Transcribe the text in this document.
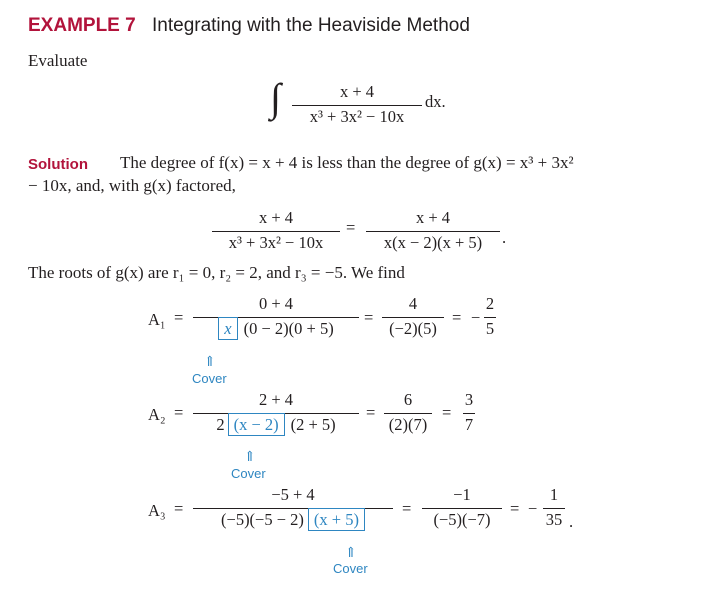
EXAMPLE 7 Integrating with the Heaviside Method
Evaluate
∫	x + 4
x³ + 3x² − 10x
dx.
Solution The degree of f(x) = x + 4 is less than the degree of g(x) = x³ + 3x²
− 10x, and, with g(x) factored,
x + 4
x³ + 3x² − 10x
=
x + 4
x(x − 2)(x + 5) .
The roots of g(x) are r₁ = 0, r₂ = 2, and r₃ = −5. We find
A₁ =
0 + 4
x (0 − 2)(0 + 5)
=
4
(−2)(5)
= −
2
5
⇑
Cover
A₂ =
2 + 4
2 (x − 2) (2 + 5)
=
6
(2)(7)
=
3
7
⇑
Cover
A₃ =
−5 + 4
(−5)(−5 − 2) (x + 5)
=
−1
(−5)(−7)
= −
1
35 .
⇑
Cover
